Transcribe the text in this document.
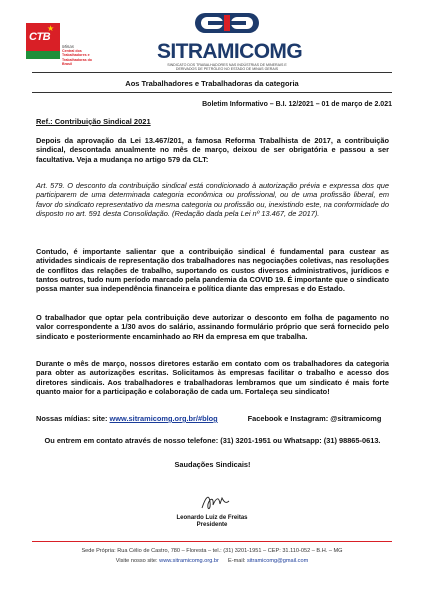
CTB
★
Minas
Central dos Trabalhadores e Trabalhadoras do Brasil
SITRAMICOMG
SINDICATO DOS TRABALHADORES NAS INDÚSTRIAS DE MINERAIS E DERIVADOS DE PETRÓLEO NO ESTADO DE MINAS GERAIS
Aos Trabalhadores e Trabalhadoras da categoria
Boletim Informativo – B.I. 12/2021 – 01 de março de 2.021
Ref.: Contribuição Sindical 2021
Depois da aprovação da Lei 13.467/201, a famosa Reforma Trabalhista de 2017, a contribuição sindical, descontada anualmente no mês de março, deixou de ser obrigatória e passou a ser facultativa. Veja a mudança no artigo 579 da CLT:
Art. 579. O desconto da contribuição sindical está condicionado à autorização prévia e expressa dos que participarem de uma determinada categoria econômica ou profissional, ou de uma profissão liberal, em favor do sindicato representativo da mesma categoria ou profissão ou, inexistindo este, na conformidade do disposto no art. 591 desta Consolidação. (Redação dada pela Lei nº 13.467, de 2017).
Contudo, é importante salientar que a contribuição sindical é fundamental para custear as atividades sindicais de representação dos trabalhadores nas negociações coletivas, nas resoluções de conflitos das relações de trabalho, suportando os custos diversos administrativos, jurídicos e tantos outros, tudo num período marcado pela pandemia da COVID 19. É importante que o sindicato possa manter sua independência financeira e política diante das empresas e do Estado.
O trabalhador que optar pela contribuição deve autorizar o desconto em folha de pagamento no valor correspondente a 1/30 avos do salário, assinando formulário próprio que será fornecido pelo sindicato e posteriormente encaminhado ao RH da empresa em que trabalha.
Durante o mês de março, nossos diretores estarão em contato com os trabalhadores da categoria para obter as autorizações escritas. Solicitamos às empresas facilitar o trabalho e acesso dos diretores sindicais. Aos trabalhadores e trabalhadoras lembramos que um sindicato é mais forte quanto maior for a participação e colaboração de cada um. Fortaleça seu sindicato!
Nossas mídias: site: www.sitramicomg.org.br/#blog	Facebook e Instagram: @sitramicomg
Ou entrem em contato através de nosso telefone: (31) 3201-1951 ou Whatsapp: (31) 98865-0613.
Saudações Sindicais!
Leonardo Luiz de Freitas
Presidente
Sede Própria: Rua Célio de Castro, 780 – Floresta – tel.: (31) 3201-1951 – CEP: 31.110-052 – B.H. – MG
Visite nosso site: www.sitramicomg.org.br E-mail: sitramicomg@gmail.com
